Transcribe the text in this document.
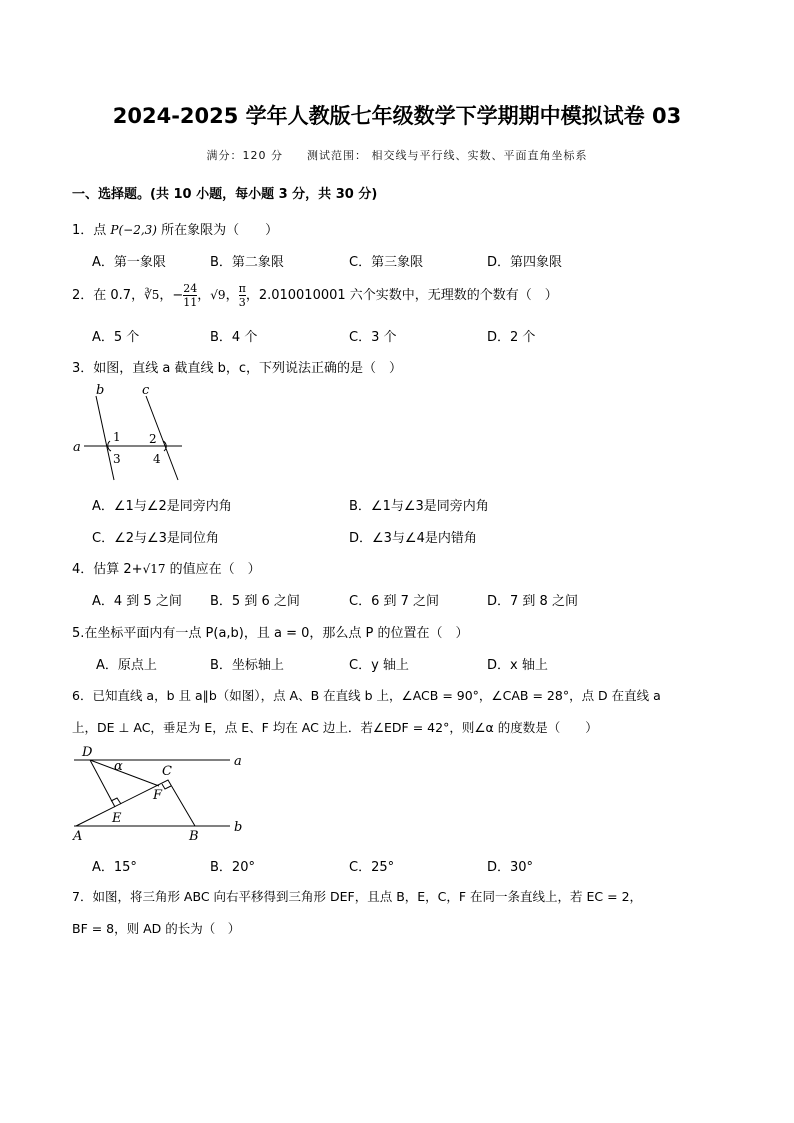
2024-2025 学年人教版七年级数学下学期期中模拟试卷 03
满分：120 分　　测试范围： 相交线与平行线、实数、平面直角坐标系
一、选择题。(共 10 小题，每小题 3 分，共 30 分)
1．点 P(−2,3) 所在象限为（　　）
A．第一象限	B．第二象限	C．第三象限	D．第四象限
2．在 0.7，∛5，− $\frac{24}{11}$ ，√9， $\frac{\pi}{3}$ ，2.010010001 六个实数中，无理数的个数有（　）
A．5 个	B．4 个	C．3 个	D．2 个
3．如图，直线 a 截直线 b，c，下列说法正确的是（　）
b	c
a
1 2
3	4
A．∠1与∠2是同旁内角	B．∠1与∠3是同旁内角
C．∠2与∠3是同位角	D．∠3与∠4是内错角
4．估算 2+√17 的值应在（　）
A．4 到 5 之间 B．5 到 6 之间	C．6 到 7 之间	D．7 到 8 之间
5.在坐标平面内有一点 P(a,b)，且 a = 0，那么点 P 的位置在（　）
A．原点上	B．坐标轴上	C．y 轴上	D．x 轴上
6．已知直线 a，b 且 a∥b（如图），点 A、B 在直线 b 上，∠ACB = 90°，∠CAB = 28°，点 D 在直线 a
上，DE ⊥ AC，垂足为 E，点 E、F 均在 AC 边上．若∠EDF = 42°，则∠α 的度数是（　　）
D
α	a
C
F
E
A	B
b
A．15°	B．20°	C．25°	D．30°
7．如图，将三角形 ABC 向右平移得到三角形 DEF，且点 B，E，C，F 在同一条直线上，若 EC = 2，
BF = 8，则 AD 的长为（　）
